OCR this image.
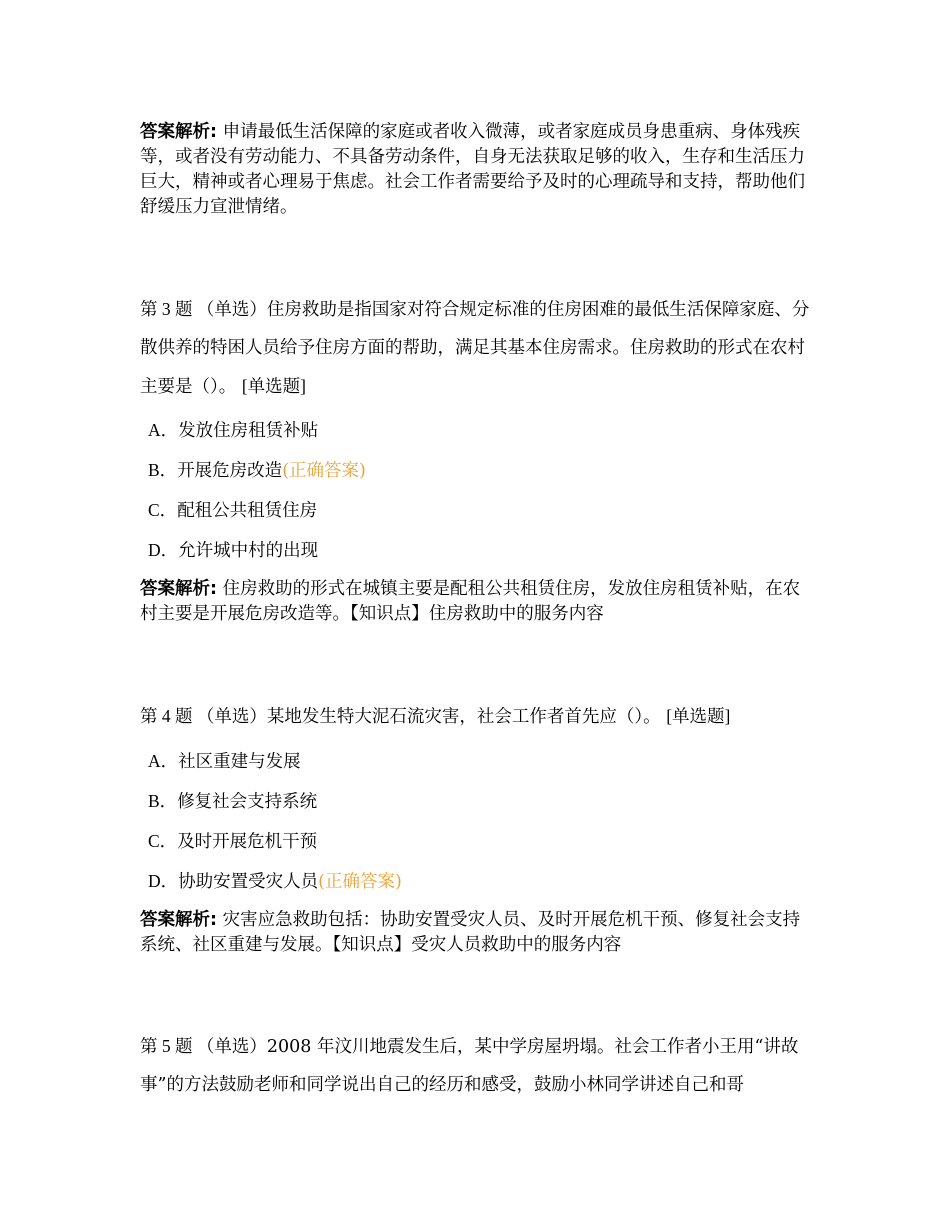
答案解析: 申请最低生活保障的家庭或者收入微薄，或者家庭成员身患重病、身体残疾等，或者没有劳动能力、不具备劳动条件，自身无法获取足够的收入，生存和生活压力巨大，精神或者心理易于焦虑。社会工作者需要给予及时的心理疏导和支持，帮助他们舒缓压力宣泄情绪。
第 3 题 （单选）住房救助是指国家对符合规定标准的住房困难的最低生活保障家庭、分散供养的特困人员给予住房方面的帮助，满足其基本住房需求。住房救助的形式在农村主要是（）。 [单选题]
A．发放住房租赁补贴
B．开展危房改造(正确答案)
C．配租公共租赁住房
D．允许城中村的出现
答案解析: 住房救助的形式在城镇主要是配租公共租赁住房，发放住房租赁补贴，在农村主要是开展危房改造等。【知识点】住房救助中的服务内容
第 4 题 （单选）某地发生特大泥石流灾害，社会工作者首先应（）。 [单选题]
A．社区重建与发展
B．修复社会支持系统
C．及时开展危机干预
D．协助安置受灾人员(正确答案)
答案解析: 灾害应急救助包括：协助安置受灾人员、及时开展危机干预、修复社会支持系统、社区重建与发展。【知识点】受灾人员救助中的服务内容
第 5 题 （单选）2008 年汶川地震发生后，某中学房屋坍塌。社会工作者小王用“讲故事”的方法鼓励老师和同学说出自己的经历和感受，鼓励小林同学讲述自己和哥
